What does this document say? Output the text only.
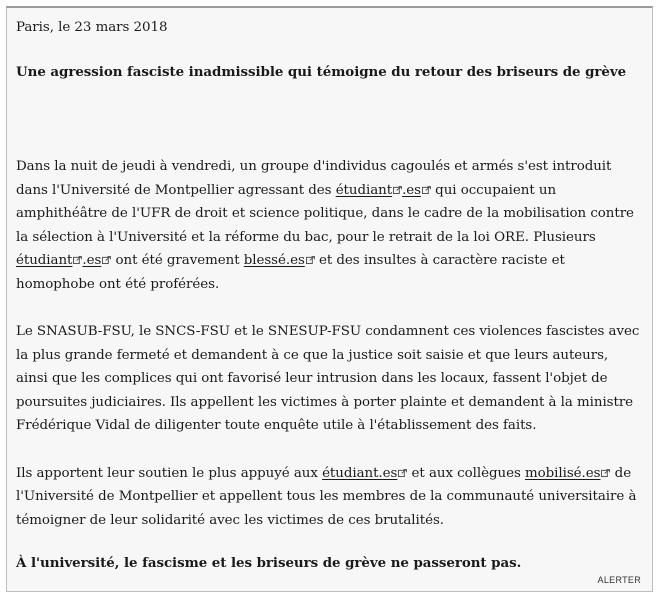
Paris, le 23 mars 2018

Une agression fasciste inadmissible qui témoigne du retour des briseurs de grève

Dans la nuit de jeudi à vendredi, un groupe d'individus cagoulés et armés s'est introduit dans l'Université de Montpellier agressant des étudiant .es qui occupaient un amphithéâtre de l'UFR de droit et science politique, dans le cadre de la mobilisation contre la sélection à l'Université et la réforme du bac, pour le retrait de la loi ORE. Plusieurs étudiant .es ont été gravement blessé.es et des insultes à caractère raciste et homophobe ont été proférées.

Le SNASUB-FSU, le SNCS-FSU et le SNESUP-FSU condamnent ces violences fascistes avec la plus grande fermeté et demandent à ce que la justice soit saisie et que leurs auteurs, ainsi que les complices qui ont favorisé leur intrusion dans les locaux, fassent l'objet de poursuites judiciaires. Ils appellent les victimes à porter plainte et demandent à la ministre Frédérique Vidal de diligenter toute enquête utile à l'établissement des faits.

Ils apportent leur soutien le plus appuyé aux étudiant.es et aux collègues mobilisé.es de l'Université de Montpellier et appellent tous les membres de la communauté universitaire à témoigner de leur solidarité avec les victimes de ces brutalités.

À l'université, le fascisme et les briseurs de grève ne passeront pas.

ALERTER
